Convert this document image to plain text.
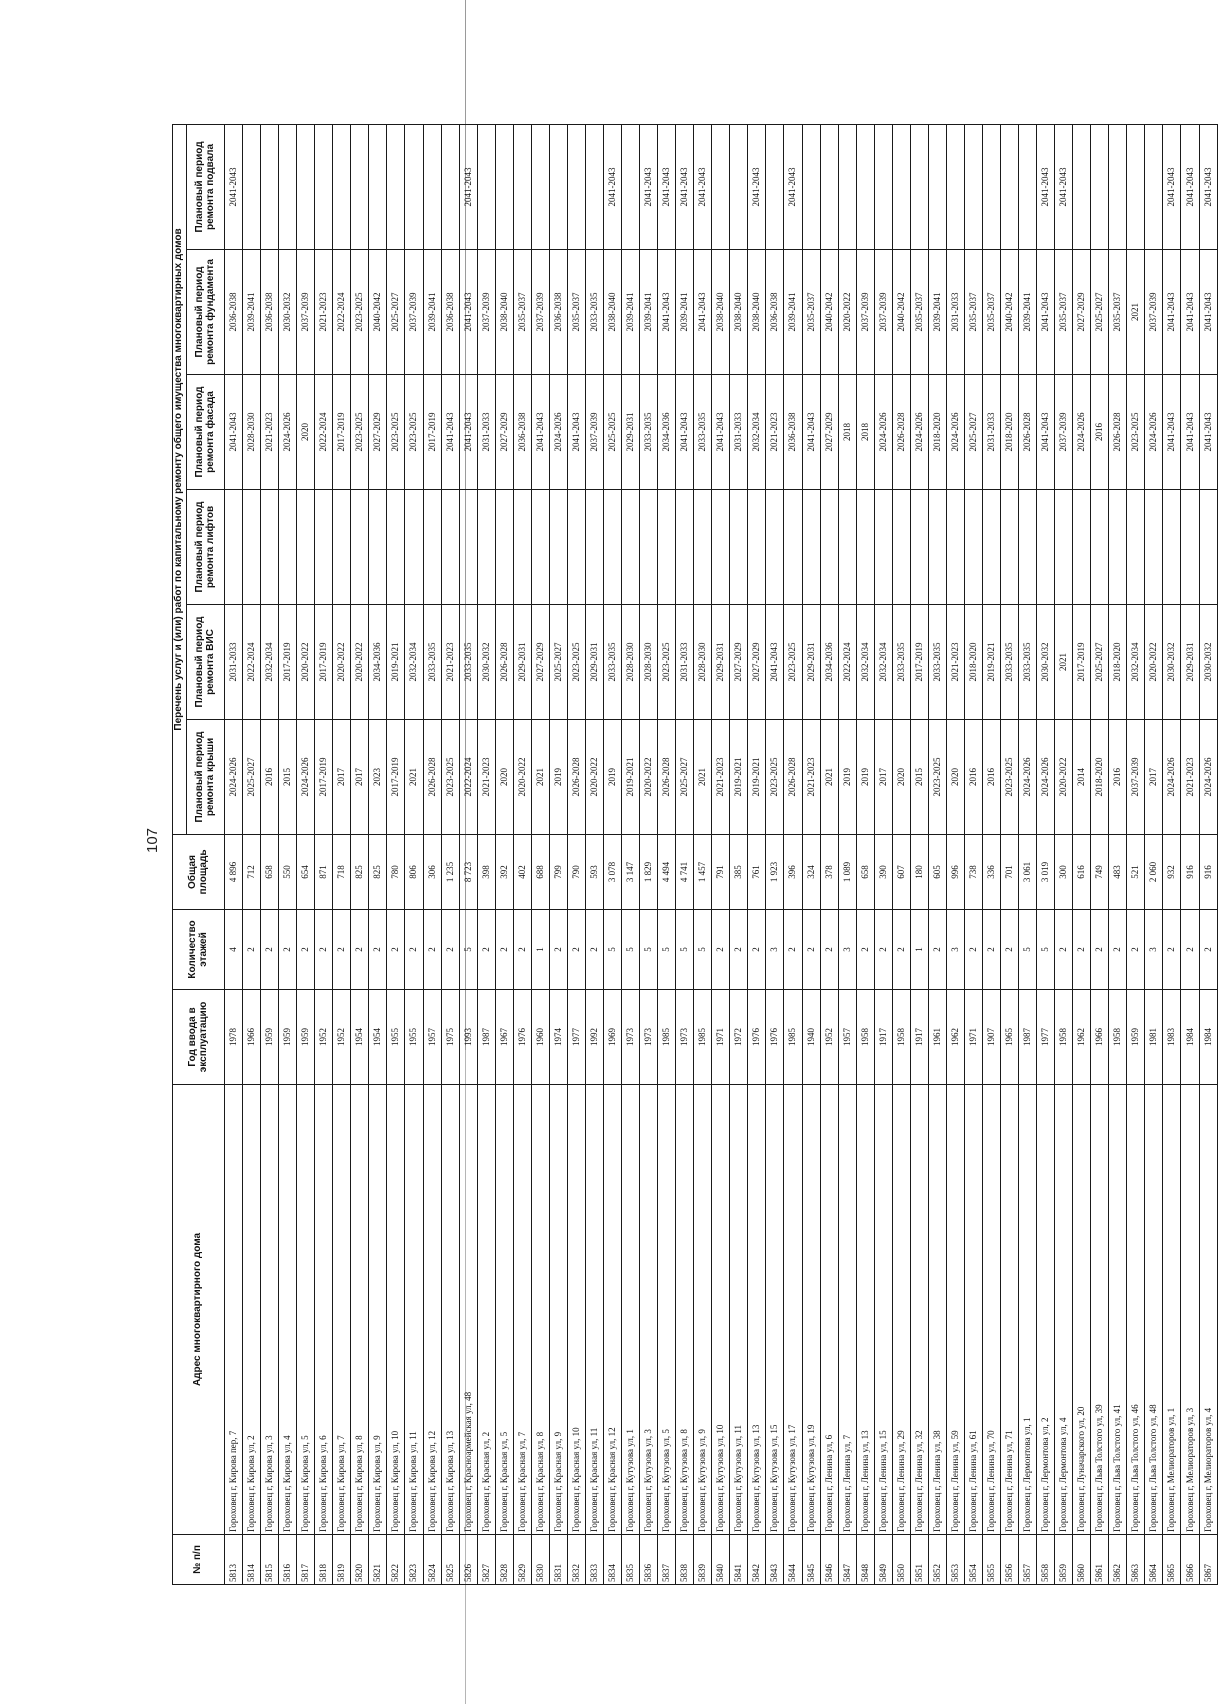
107
№ п/п	Адрес многоквартирного дома	Год ввода в эксплуатацию	Количество этажей	Общая площадь	Перечень услуг и (или) работ по капитальному ремонту общего имущества многоквартирных домов					
					Плановый период ремонта крыши	Плановый период ремонта ВИС	Плановый период ремонта лифтов	Плановый период ремонта фасада	Плановый период ремонта фундамента	Плановый период ремонта подвала
5813	Гороховец г, Кирова пер, 7	1978	4	4 896	2024-2026	2031-2033		2041-2043	2036-2038	2041-2043
5814	Гороховец г, Кирова ул, 2	1966	2	712	2025-2027	2022-2024		2028-2030	2039-2041	
5815	Гороховец г, Кирова ул, 3	1959	2	658	2016	2032-2034		2021-2023	2036-2038	
5816	Гороховец г, Кирова ул, 4	1959	2	550	2015	2017-2019		2024-2026	2030-2032	
5817	Гороховец г, Кирова ул, 5	1959	2	654	2024-2026	2020-2022		2020	2037-2039	
5818	Гороховец г, Кирова ул, 6	1952	2	871	2017-2019	2017-2019		2022-2024	2021-2023	
5819	Гороховец г, Кирова ул, 7	1952	2	718	2017	2020-2022		2017-2019	2022-2024	
5820	Гороховец г, Кирова ул, 8	1954	2	825	2017	2020-2022		2023-2025	2023-2025	
5821	Гороховец г, Кирова ул, 9	1954	2	825	2023	2034-2036		2027-2029	2040-2042	
5822	Гороховец г, Кирова ул, 10	1955	2	780	2017-2019	2019-2021		2023-2025	2025-2027	
5823	Гороховец г, Кирова ул, 11	1955	2	806	2021	2032-2034		2023-2025	2037-2039	
5824	Гороховец г, Кирова ул, 12	1957	2	306	2026-2028	2033-2035		2017-2019	2039-2041	
5825	Гороховец г, Кирова ул, 13	1975	2	1 235	2023-2025	2021-2023		2041-2043	2036-2038	
5826	Гороховец г, Красноармейская ул, 48	1993	5	8 723	2022-2024	2033-2035		2041-2043	2041-2043	2041-2043
5827	Гороховец г, Красная ул, 2	1987	2	398	2021-2023	2030-2032		2031-2033	2037-2039	
5828	Гороховец г, Красная ул, 5	1967	2	392	2020	2026-2028		2027-2029	2038-2040	
5829	Гороховец г, Красная ул, 7	1976	2	402	2020-2022	2029-2031		2036-2038	2035-2037	
5830	Гороховец г, Красная ул, 8	1960	1	688	2021	2027-2029		2041-2043	2037-2039	
5831	Гороховец г, Красная ул, 9	1974	2	799	2019	2025-2027		2024-2026	2036-2038	
5832	Гороховец г, Красная ул, 10	1977	2	790	2026-2028	2023-2025		2041-2043	2035-2037	
5833	Гороховец г, Красная ул, 11	1992	2	593	2020-2022	2029-2031		2037-2039	2033-2035	
5834	Гороховец г, Красная ул, 12	1969	5	3 078	2019	2033-2035		2025-2025	2038-2040	2041-2043
5835	Гороховец г, Кутузова ул, 1	1973	5	3 147	2019-2021	2028-2030		2029-2031	2039-2041	
5836	Гороховец г, Кутузова ул, 3	1973	5	1 829	2020-2022	2028-2030		2033-2035	2039-2041	2041-2043
5837	Гороховец г, Кутузова ул, 5	1985	5	4 494	2026-2028	2023-2025		2034-2036	2041-2043	2041-2043
5838	Гороховец г, Кутузова ул, 8	1973	5	4 741	2025-2027	2031-2033		2041-2043	2039-2041	2041-2043
5839	Гороховец г, Кутузова ул, 9	1985	5	1 457	2021	2028-2030		2033-2035	2041-2043	2041-2043
5840	Гороховец г, Кутузова ул, 10	1971	2	791	2021-2023	2029-2031		2041-2043	2038-2040	
5841	Гороховец г, Кутузова ул, 11	1972	2	385	2019-2021	2027-2029		2031-2033	2038-2040	
5842	Гороховец г, Кутузова ул, 13	1976	2	761	2019-2021	2027-2029		2032-2034	2038-2040	2041-2043
5843	Гороховец г, Кутузова ул, 15	1976	3	1 923	2023-2025	2041-2043		2021-2023	2036-2038	
5844	Гороховец г, Кутузова ул, 17	1985	2	396	2026-2028	2023-2025		2036-2038	2039-2041	2041-2043
5845	Гороховец г, Кутузова ул, 19	1940	2	324	2021-2023	2029-2031		2041-2043	2035-2037	
5846	Гороховец г, Ленина ул, 6	1952	2	378	2021	2034-2036		2027-2029	2040-2042	
5847	Гороховец г, Ленина ул, 7	1957	3	1 089	2019	2022-2024		2018	2020-2022	
5848	Гороховец г, Ленина ул, 13	1958	2	658	2019	2032-2034		2018	2037-2039	
5849	Гороховец г, Ленина ул, 15	1917	2	390	2017	2032-2034		2024-2026	2037-2039	
5850	Гороховец г, Ленина ул, 29	1958	2	607	2020	2033-2035		2026-2028	2040-2042	
5851	Гороховец г, Ленина ул, 32	1917	1	180	2015	2017-2019		2024-2026	2035-2037	
5852	Гороховец г, Ленина ул, 38	1961	2	605	2023-2025	2033-2035		2018-2020	2039-2041	
5853	Гороховец г, Ленина ул, 59	1962	3	996	2020	2021-2023		2024-2026	2031-2033	
5854	Гороховец г, Ленина ул, 61	1971	2	738	2016	2018-2020		2025-2027	2035-2037	
5855	Гороховец г, Ленина ул, 70	1907	2	336	2016	2019-2021		2031-2033	2035-2037	
5856	Гороховец г, Ленина ул, 71	1965	2	701	2023-2025	2033-2035		2018-2020	2040-2042	
5857	Гороховец г, Лермонтова ул, 1	1987	5	3 061	2024-2026	2033-2035		2026-2028	2039-2041	
5858	Гороховец г, Лермонтова ул, 2	1977	5	3 019	2024-2026	2030-2032		2041-2043	2041-2043	2041-2043
5859	Гороховец г, Лермонтова ул, 4	1958	2	300	2020-2022	2021		2037-2039	2035-2037	2041-2043
5860	Гороховец г, Луначарского ул, 20	1962	2	616	2014	2017-2019		2024-2026	2027-2029	
5861	Гороховец г, Льва Толстого ул, 39	1966	2	749	2018-2020	2025-2027		2016	2025-2027	
5862	Гороховец г, Льва Толстого ул, 41	1958	2	483	2016	2018-2020		2026-2028	2035-2037	
5863	Гороховец г, Льва Толстого ул, 46	1959	2	521	2037-2039	2032-2034		2023-2025	2021	
5864	Гороховец г, Льва Толстого ул, 48	1981	3	2 060	2017	2020-2022		2024-2026	2037-2039	
5865	Гороховец г, Мелиораторов ул, 1	1983	2	932	2024-2026	2030-2032		2041-2043	2041-2043	2041-2043
5866	Гороховец г, Мелиораторов ул, 3	1984	2	916	2021-2023	2029-2031		2041-2043	2041-2043	2041-2043
5867	Гороховец г, Мелиораторов ул, 4	1984	2	916	2024-2026	2030-2032		2041-2043	2041-2043	2041-2043
